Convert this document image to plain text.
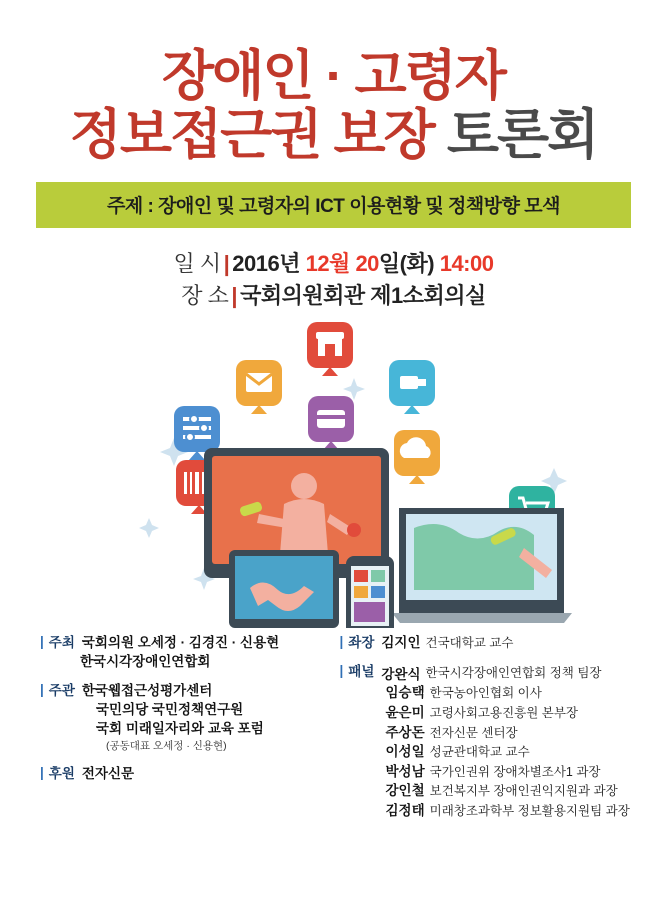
장애인 · 고령자
정보접근권 보장 토론회
주제 : 장애인 및 고령자의 ICT 이용현황 및 정책방향 모색
일 시 | 2016년 12월 20일(화) 14:00
장 소 | 국회의원회관 제1소회의실
| 주최 국회의원 오세정 · 김경진 · 신용현
한국시각장애인연합회
| 주관 한국웹접근성평가센터
국민의당 국민정책연구원
국회 미래일자리와 교육 포럼
(공동대표 오세정 · 신용현)
| 후원 전자신문
| 좌장 김지인 건국대학교 교수
| 패널 강완식 한국시각장애인연합회 정책 팀장
임승택 한국농아인협회 이사
윤은미 고령사회고용진흥원 본부장
주상돈 전자신문 센터장
이성일 성균관대학교 교수
박성남 국가인권위 장애차별조사1 과장
강인철 보건복지부 장애인권익지원과 과장
김정태 미래창조과학부 정보활용지원팀 과장
